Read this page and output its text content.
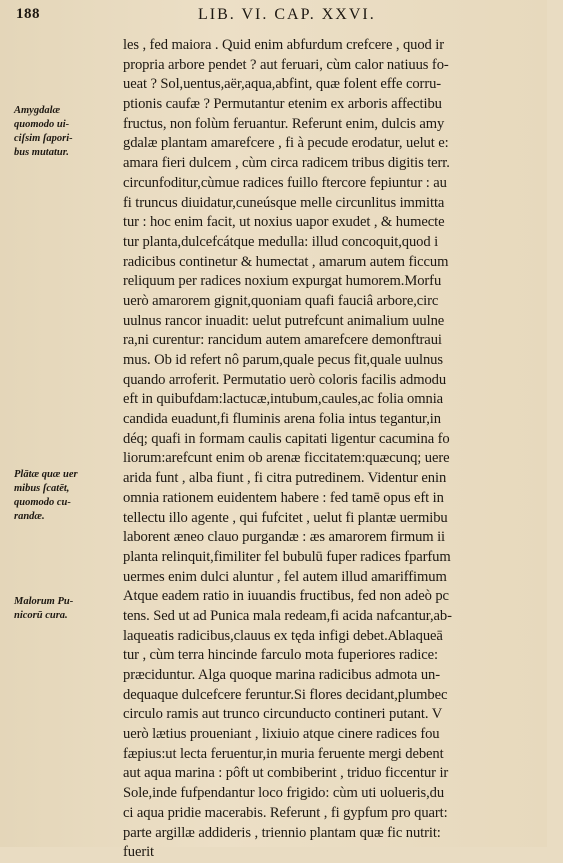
188	LIB. VI. CAP. XXVI.
les , fed maiora . Quid enim abfurdum crefcere , quod ir
propria arbore pendet ? aut feruari, cùm calor natiuus fo-
ueat ? Sol,uentus,aër,aqua,abfint, quæ folent effe corru-
ptionis caufæ ? Permutantur etenim ex arboris affectibu
fructus, non folùm feruantur. Referunt enim, dulcis amy
gdalæ plantam amarefcere , fi à pecude erodatur, uelut e:
amara fieri dulcem , cùm circa radicem tribus digitis terr.
circunfoditur,cùmue radices fuillo ftercore fepiuntur : au
fi truncus diuidatur,cuneúsque melle circunlitus immitta
tur : hoc enim facit, ut noxius uapor exudet , & humecte
tur planta,dulcefcátque medulla: illud concoquit,quod i
radicibus continetur & humectat , amarum autem ficcum
reliquum per radices noxium expurgat humorem.Morfu
uerò amarorem gignit,quoniam quafi fauciâ arbore,circ
uulnus rancor inuadit: uelut putrefcunt animalium uulne
ra,ni curentur: rancidum autem amarefcere demonftraui
mus. Ob id refert nô parum,quale pecus fit,quale uulnus
quando arroferit. Permutatio uerò coloris facilis admodu
eft in quibufdam:lactucæ,intubum,caules,ac folia omnia
candida euadunt,fi fluminis arena folia intus tegantur,in
déq; quafi in formam caulis capitati ligentur cacumina fo
liorum:arefcunt enim ob arenæ ficcitatem:quæcunq; uere
arida funt , alba fiunt , fi citra putredinem. Videntur enin
omnia rationem euidentem habere : fed tamē opus eft in
tellectu illo agente , qui fufcitet , uelut fi plantæ uermibu
laborent æneo clauo purgandæ : æs amarorem firmum ii
planta relinquit,fimiliter fel bubulū fuper radices fparfum
uermes enim dulci aluntur , fel autem illud amariffimum
Atque eadem ratio in iuuandis fructibus, fed non adeò pc
tens. Sed ut ad Punica mala redeam,fi acida nafcantur,ab-
laqueatis radicibus,clauus ex tęda infigi debet.Ablaqueā
tur , cùm terra hincinde farculo mota fuperiores radice:
præciduntur. Alga quoque marina radicibus admota un-
dequaque dulcefcere feruntur.Si flores decidant,plumbec
circulo ramis aut trunco circunducto contineri putant. V
uerò lætius proueniant , lixiuio atque cinere radices fou
fæpius:ut lecta feruentur,in muria feruente mergi debent
aut aqua marina : pôft ut combiberint , triduo ficcentur ir
Sole,inde fufpendantur loco frigido: cùm uti uolueris,du
ci aqua pridie macerabis. Referunt , fi gypfum pro quart:
parte argillæ addideris , triennio plantam quæ fic nutrit:
fuerit
Amygdalæ
quomodo ui-
ciſsim ſapori-
bus mutatur.
Plātæ quæ uer
mibus ſcatēt,
quomodo cu-
randæ.
Malorum Pu-
nicorū cura.
